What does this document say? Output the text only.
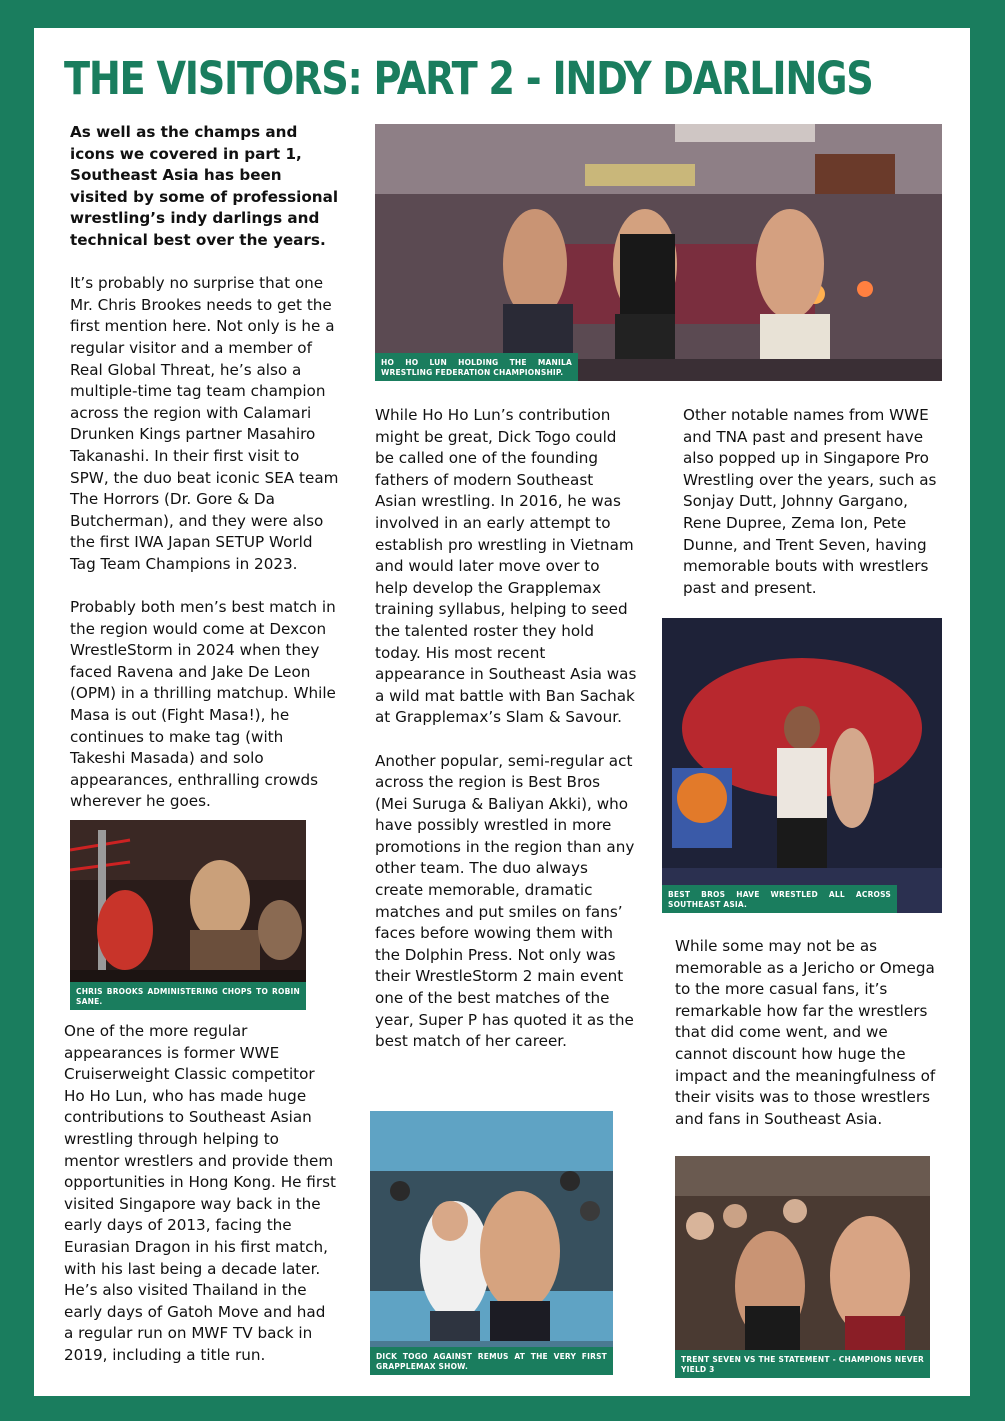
THE VISITORS: PART 2 - INDY DARLINGS

As well as the champs and icons we covered in part 1, Southeast Asia has been visited by some of professional wrestling’s indy darlings and technical best over the years.

It’s probably no surprise that one Mr. Chris Brookes needs to get the first mention here. Not only is he a regular visitor and a member of Real Global Threat, he’s also a multiple-time tag team champion across the region with Calamari Drunken Kings partner Masahiro Takanashi. In their first visit to SPW, the duo beat iconic SEA team The Horrors (Dr. Gore & Da Butcherman), and they were also the first IWA Japan SETUP World Tag Team Champions in 2023.

Probably both men’s best match in the region would come at Dexcon WrestleStorm in 2024 when they faced Ravena and Jake De Leon (OPM) in a thrilling matchup. While Masa is out (Fight Masa!), he continues to make tag (with Takeshi Masada) and solo appearances, enthralling crowds wherever he goes.

CHRIS BROOKS ADMINISTERING CHOPS TO ROBIN SANE.

One of the more regular appearances is former WWE Cruiserweight Classic competitor Ho Ho Lun, who has made huge contributions to Southeast Asian wrestling through helping to mentor wrestlers and provide them opportunities in Hong Kong. He first visited Singapore way back in the early days of 2013, facing the Eurasian Dragon in his first match, with his last being a decade later. He’s also visited Thailand in the early days of Gatoh Move and had a regular run on MWF TV back in 2019, including a title run.

HO HO LUN HOLDING THE MANILA WRESTLING FEDERATION CHAMPIONSHIP.

While Ho Ho Lun’s contribution might be great, Dick Togo could be called one of the founding fathers of modern Southeast Asian wrestling. In 2016, he was involved in an early attempt to establish pro wrestling in Vietnam and would later move over to help develop the Grapplemax training syllabus, helping to seed the talented roster they hold today. His most recent appearance in Southeast Asia was a wild mat battle with Ban Sachak at Grapplemax’s Slam & Savour.

Another popular, semi-regular act across the region is Best Bros (Mei Suruga & Baliyan Akki), who have possibly wrestled in more promotions in the region than any other team. The duo always create memorable, dramatic matches and put smiles on fans’ faces before wowing them with the Dolphin Press. Not only was their WrestleStorm 2 main event one of the best matches of the year, Super P has quoted it as the best match of her career.

DICK TOGO AGAINST REMUS AT THE VERY FIRST GRAPPLEMAX SHOW.

Other notable names from WWE and TNA past and present have also popped up in Singapore Pro Wrestling over the years, such as Sonjay Dutt, Johnny Gargano, Rene Dupree, Zema Ion, Pete Dunne, and Trent Seven, having memorable bouts with wrestlers past and present.

BEST BROS HAVE WRESTLED ALL ACROSS SOUTHEAST ASIA.

While some may not be as memorable as a Jericho or Omega to the more casual fans, it’s remarkable how far the wrestlers that did come went, and we cannot discount how huge the impact and the meaningfulness of their visits was to those wrestlers and fans in Southeast Asia.

TRENT SEVEN VS THE STATEMENT - CHAMPIONS NEVER YIELD 3
